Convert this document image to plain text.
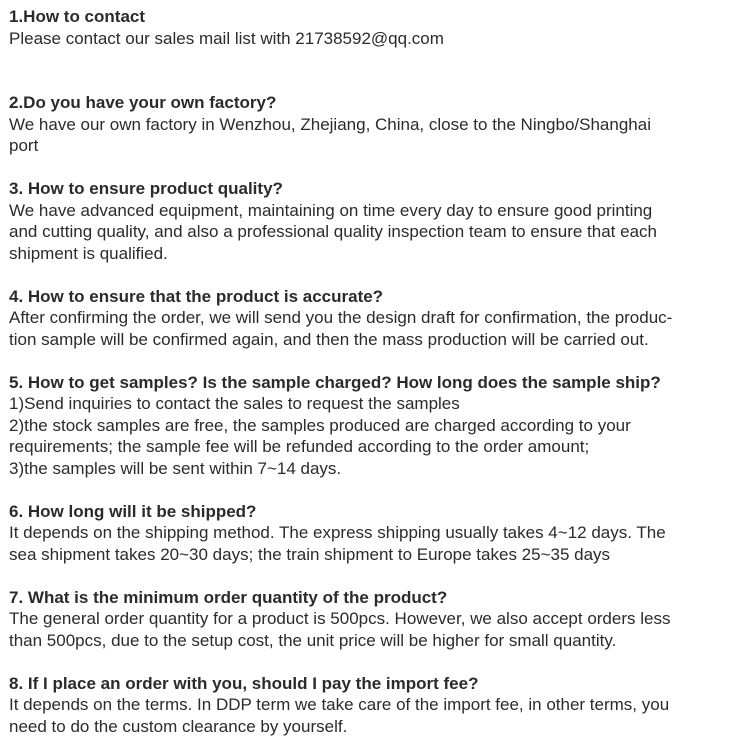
1.How to contact

Please contact our sales mail list with 21738592@qq.com

2.Do you have your own factory?

We have our own factory in Wenzhou, Zhejiang, China, close to the Ningbo/Shanghai

port

3. How to ensure product quality?

We have advanced equipment, maintaining on time every day to ensure good printing

and cutting quality, and also a professional quality inspection team to ensure that each

shipment is qualified.

4. How to ensure that the product is accurate?

After confirming the order, we will send you the design draft for confirmation, the produc-

tion sample will be confirmed again, and then the mass production will be carried out.

5. How to get samples? Is the sample charged? How long does the sample ship?

1)Send inquiries to contact the sales to request the samples

2)the stock samples are free, the samples produced are charged according to your

requirements; the sample fee will be refunded according to the order amount;

3)the samples will be sent within 7~14 days.

6. How long will it be shipped?

It depends on the shipping method. The express shipping usually takes 4~12 days. The

sea shipment takes 20~30 days; the train shipment to Europe takes 25~35 days

7. What is the minimum order quantity of the product?

The general order quantity for a product is 500pcs. However, we also accept orders less

than 500pcs, due to the setup cost, the unit price will be higher for small quantity.

8. If I place an order with you, should I pay the import fee?

It depends on the terms. In DDP term we take care of the import fee, in other terms, you

need to do the custom clearance by yourself.
